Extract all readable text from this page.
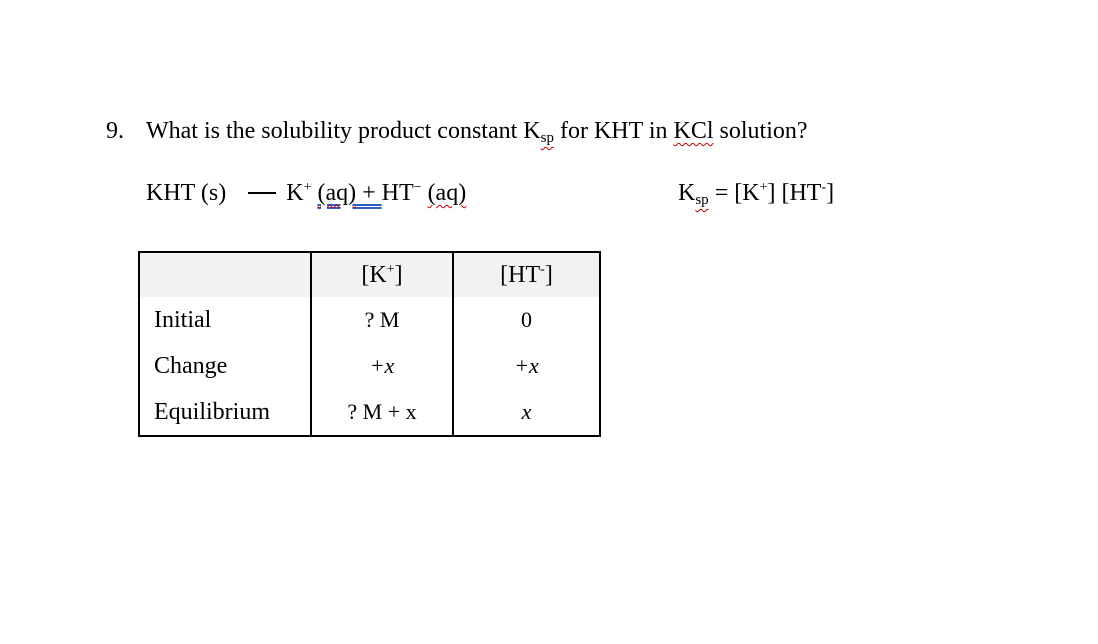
9. What is the solubility product constant $K_{sp}$ for KHT in KCl solution?
KHT (s)	K+ (aq) + HT− (aq)	$K_{sp} = [K^+]$ [HT-]
	[K+]	[HT-]
Initial	? M	0
Change	+x	+x
Equilibrium	? M + x	x
